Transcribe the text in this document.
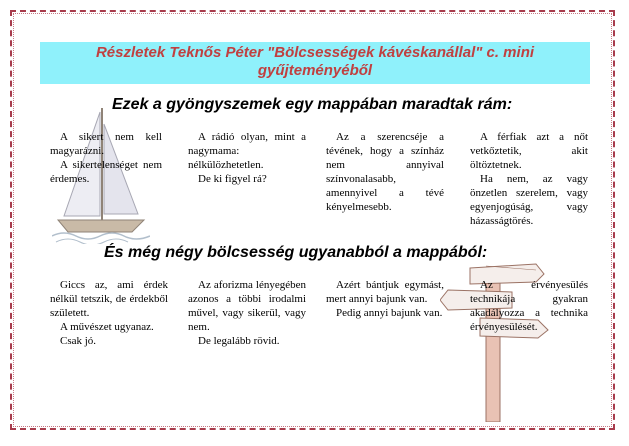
Részletek Teknős Péter "Bölcsességek kávéskanállal" c. mini gyűjteményéből
Ezek a gyöngyszemek egy mappában maradtak rám:

A sikert nem kell magyarázni.

A sikertelenséget nem érdemes.

A rádió olyan, mint a nagymama: nélkülözhetetlen.

De ki figyel rá?

Az a szerencséje a tévének, hogy a színház nem annyival színvonalasabb, amennyivel a tévé kényelmesebb.

A férfiak azt a nőt vetkőztetik, akit öltöztetnek.

Ha nem, az vagy önzetlen szerelem, vagy egyenjogúság, vagy házasságtörés.

És még négy bölcsesség ugyanabból a mappából:

Giccs az, ami érdek nélkül tetszik, de érdekből született.

A művészet ugyanaz.

Csak jó.

Az aforizma lényegében azonos a többi irodalmi művel, vagy sikerül, vagy nem.

De legalább rövid.

Azért bántjuk egymást, mert annyi bajunk van.

Pedig annyi bajunk van.

Az érvényesülés technikája gyakran akadályozza a technika érvényesülését.
